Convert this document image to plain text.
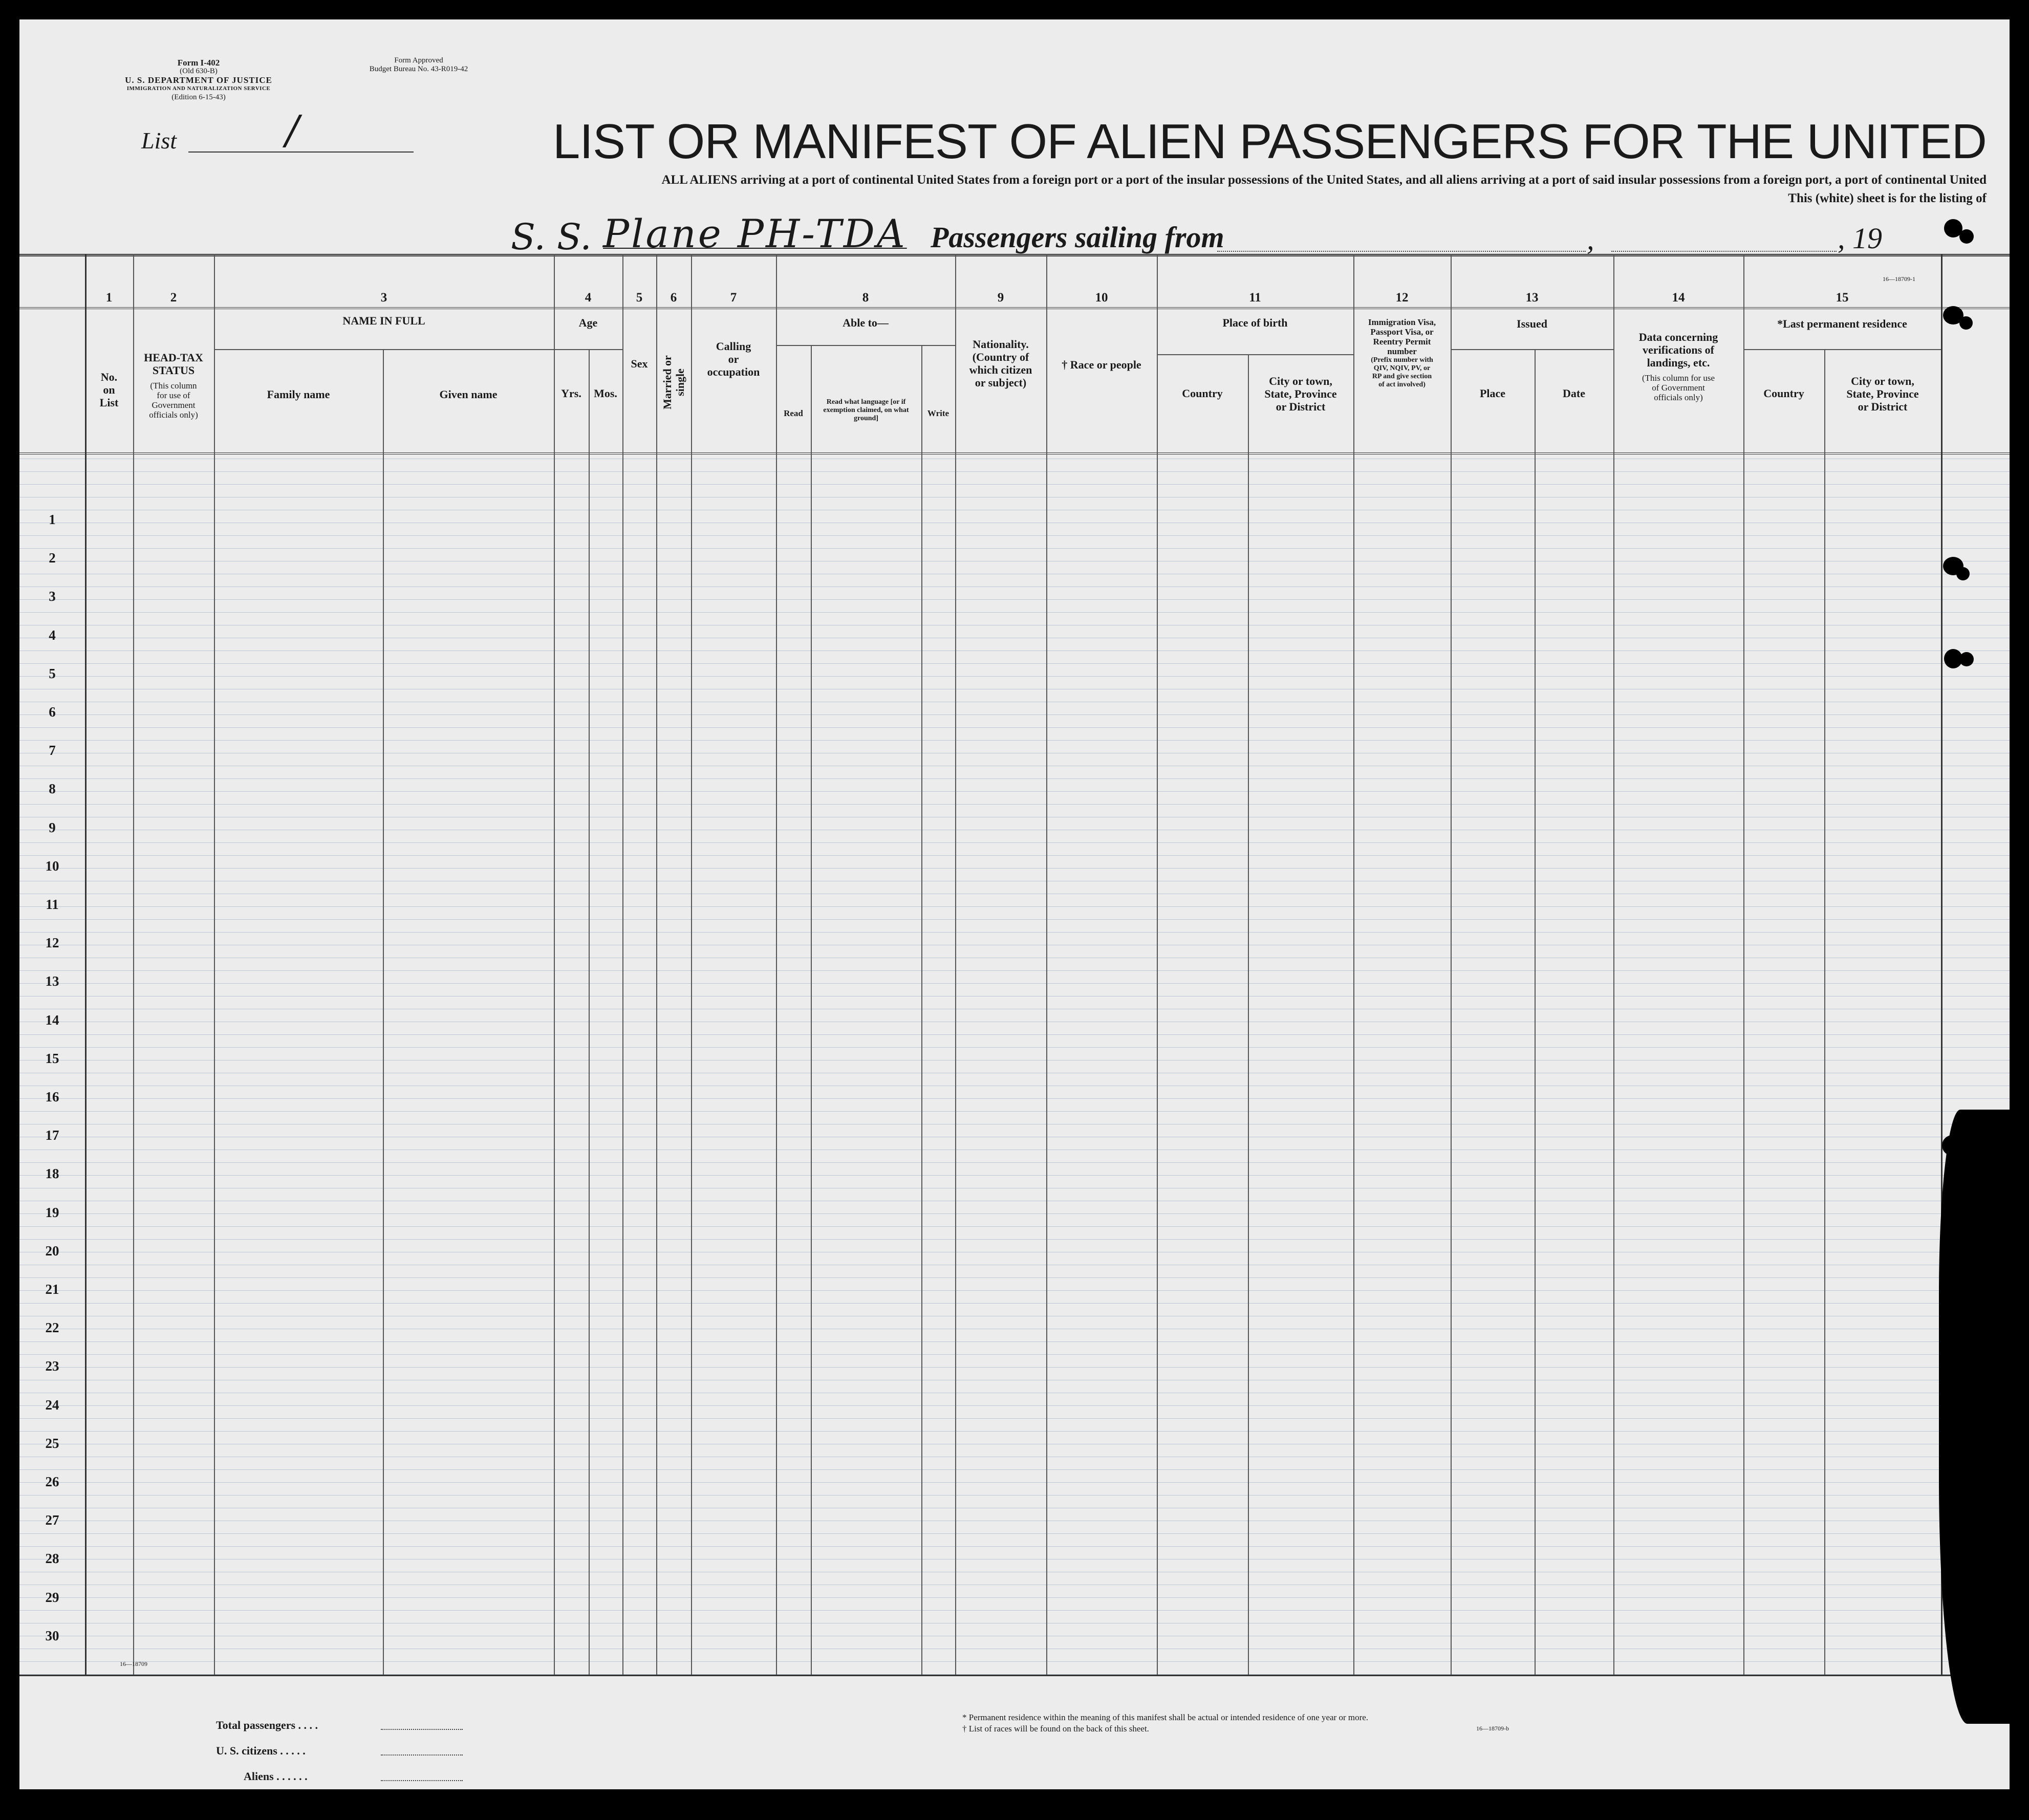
Form I-402
(Old 630-B)
U. S. DEPARTMENT OF JUSTICE
IMMIGRATION AND NATURALIZATION SERVICE
(Edition 6-15-43)
Form Approved
Budget Bureau No. 43-R019-42
List	/	LIST OR MANIFEST OF ALIEN PASSENGERS FOR THE UNITED
ALL ALIENS arriving at a port of continental United States from a foreign port or a port of the insular possessions of the United States, and all aliens arriving at a port of said insular possessions from a foreign port, a port of continental United
This (white) sheet is for the listing of
S. S. Plane PH-TDA Passengers sailing from	,	, 19
1
2
3
4
5
6
7
8
9
10
11
12
13
14
15
16
17
18
19
20
21
22
23
24
25
26
27
28
29
30
1	2	3	4	5	6	7	8	9	10	11	12	13	14	15
16—18709-1
No.
on
List
HEAD-TAX
STATUS
(This column
for use of
Government
officials only)
NAME IN FULL
Family name	Given name
Age
Yrs.	Mos.
Sex	Married or single
Calling
or
occupation
Able to—
Read
Read what language [or if exemption claimed, on what ground]
Write
Nationality.
(Country of
which citizen
or subject)
† Race or people
Place of birth
Country
City or town,
State, Province
or District
Immigration Visa,
Passport Visa, or
Reentry Permit
number
(Prefix number with
QIV, NQIV, PV, or
RP and give section
of act involved)
Issued
Place	Date
Data concerning
verifications of
landings, etc.
(This column for use
of Government
officials only)
*Last permanent residence
Country
City or town,
State, Province
or District
16—18709
Total passengers . . . .
U. S. citizens . . . . .
Aliens . . . . . .
* Permanent residence within the meaning of this manifest shall be actual or intended residence of one year or more.
† List of races will be found on the back of this sheet.	16—18709-b
